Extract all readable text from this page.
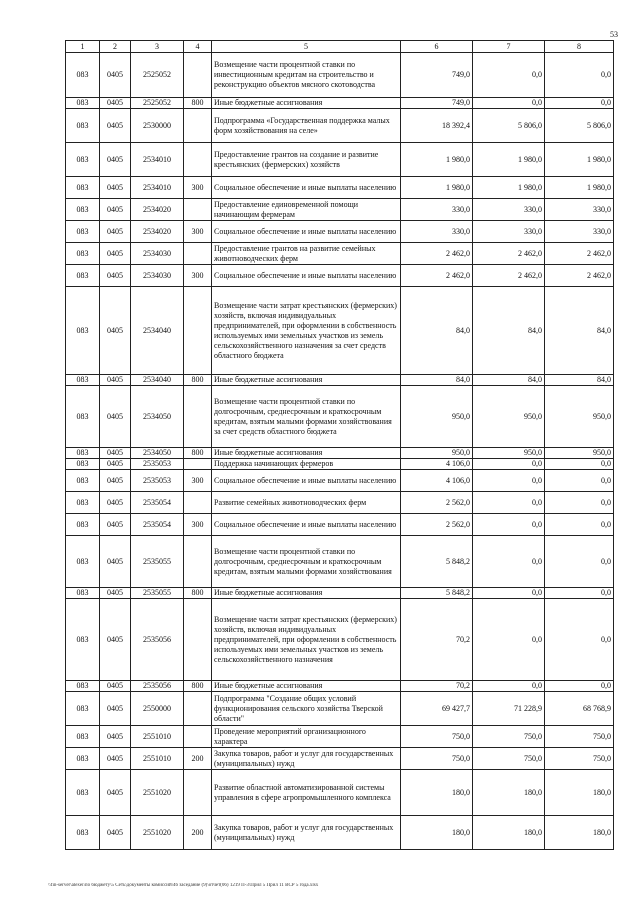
53
1	2	3	4	5	6	7	8
083	0405	2525052		Возмещение части процентной ставки по инвестиционным кредитам на строительство и реконструкцию объектов мясного скотоводства	749,0	0,0	0,0
083	0405	2525052	800	Иные бюджетные ассигнования	749,0	0,0	0,0
083	0405	2530000		Подпрограмма «Государственная поддержка малых форм хозяйствования на селе»	18 392,4	5 806,0	5 806,0
083	0405	2534010		Предоставление грантов на создание и развитие крестьянских (фермерских) хозяйств	1 980,0	1 980,0	1 980,0
083	0405	2534010	300	Социальное обеспечение и иные выплаты населению	1 980,0	1 980,0	1 980,0
083	0405	2534020		Предоставление единовременной помощи начинающим фермерам	330,0	330,0	330,0
083	0405	2534020	300	Социальное обеспечение и иные выплаты населению	330,0	330,0	330,0
083	0405	2534030		Предоставление грантов на развитие семейных животноводческих ферм	2 462,0	2 462,0	2 462,0
083	0405	2534030	300	Социальное обеспечение и иные выплаты населению	2 462,0	2 462,0	2 462,0
083	0405	2534040		Возмещение части затрат крестьянских (фермерских) хозяйств, включая индивидуальных предпринимателей, при оформлении в собственность используемых ими земельных участков из земель сельскохозяйственного назначения за счет средств областного бюджета	84,0	84,0	84,0
083	0405	2534040	800	Иные бюджетные ассигнования	84,0	84,0	84,0
083	0405	2534050		Возмещение части процентной ставки по долгосрочным, среднесрочным и краткосрочным кредитам, взятым малыми формами хозяйствования за счет средств областного бюджета	950,0	950,0	950,0
083	0405	2534050	800	Иные бюджетные ассигнования	950,0	950,0	950,0
083	0405	2535053		Поддержка начинающих фермеров	4 106,0	0,0	0,0
083	0405	2535053	300	Социальное обеспечение и иные выплаты населению	4 106,0	0,0	0,0
083	0405	2535054		Развитие семейных животноводческих ферм	2 562,0	0,0	0,0
083	0405	2535054	300	Социальное обеспечение и иные выплаты населению	2 562,0	0,0	0,0
083	0405	2535055		Возмещение части процентной ставки по долгосрочным, среднесрочным и краткосрочным кредитам, взятым малыми формами хозяйствования	5 848,2	0,0	0,0
083	0405	2535055	800	Иные бюджетные ассигнования	5 848,2	0,0	0,0
083	0405	2535056		Возмещение части затрат крестьянских (фермерских) хозяйств, включая индивидуальных предпринимателей, при оформлении в собственность используемых ими земельных участков из земель сельскохозяйственного назначения	70,2	0,0	0,0
083	0405	2535056	800	Иные бюджетные ассигнования	70,2	0,0	0,0
083	0405	2550000		Подпрограмма "Создание общих условий функционирования сельского хозяйства Тверской области"	69 427,7	71 228,9	68 768,9
083	0405	2551010		Проведение мероприятий организационного характера	750,0	750,0	750,0
083	0405	2551010	200	Закупка товаров, работ и услуг для государственных (муниципальных) нужд	750,0	750,0	750,0
083	0405	2551020		Развитие областной автоматизированной системы управления в сфере агропромышленного комплекса	180,0	180,0	180,0
083	0405	2551020	200	Закупка товаров, работ и услуг для государственных (муниципальных) нужд	180,0	180,0	180,0
\\fin-server\alexei\по бюджету\5 Сеть\документы комиссий\46 заседание (9)\отчет(06) 1219 П-3\Прил 5 Прил 11 ВСР 5 года.xlsx
